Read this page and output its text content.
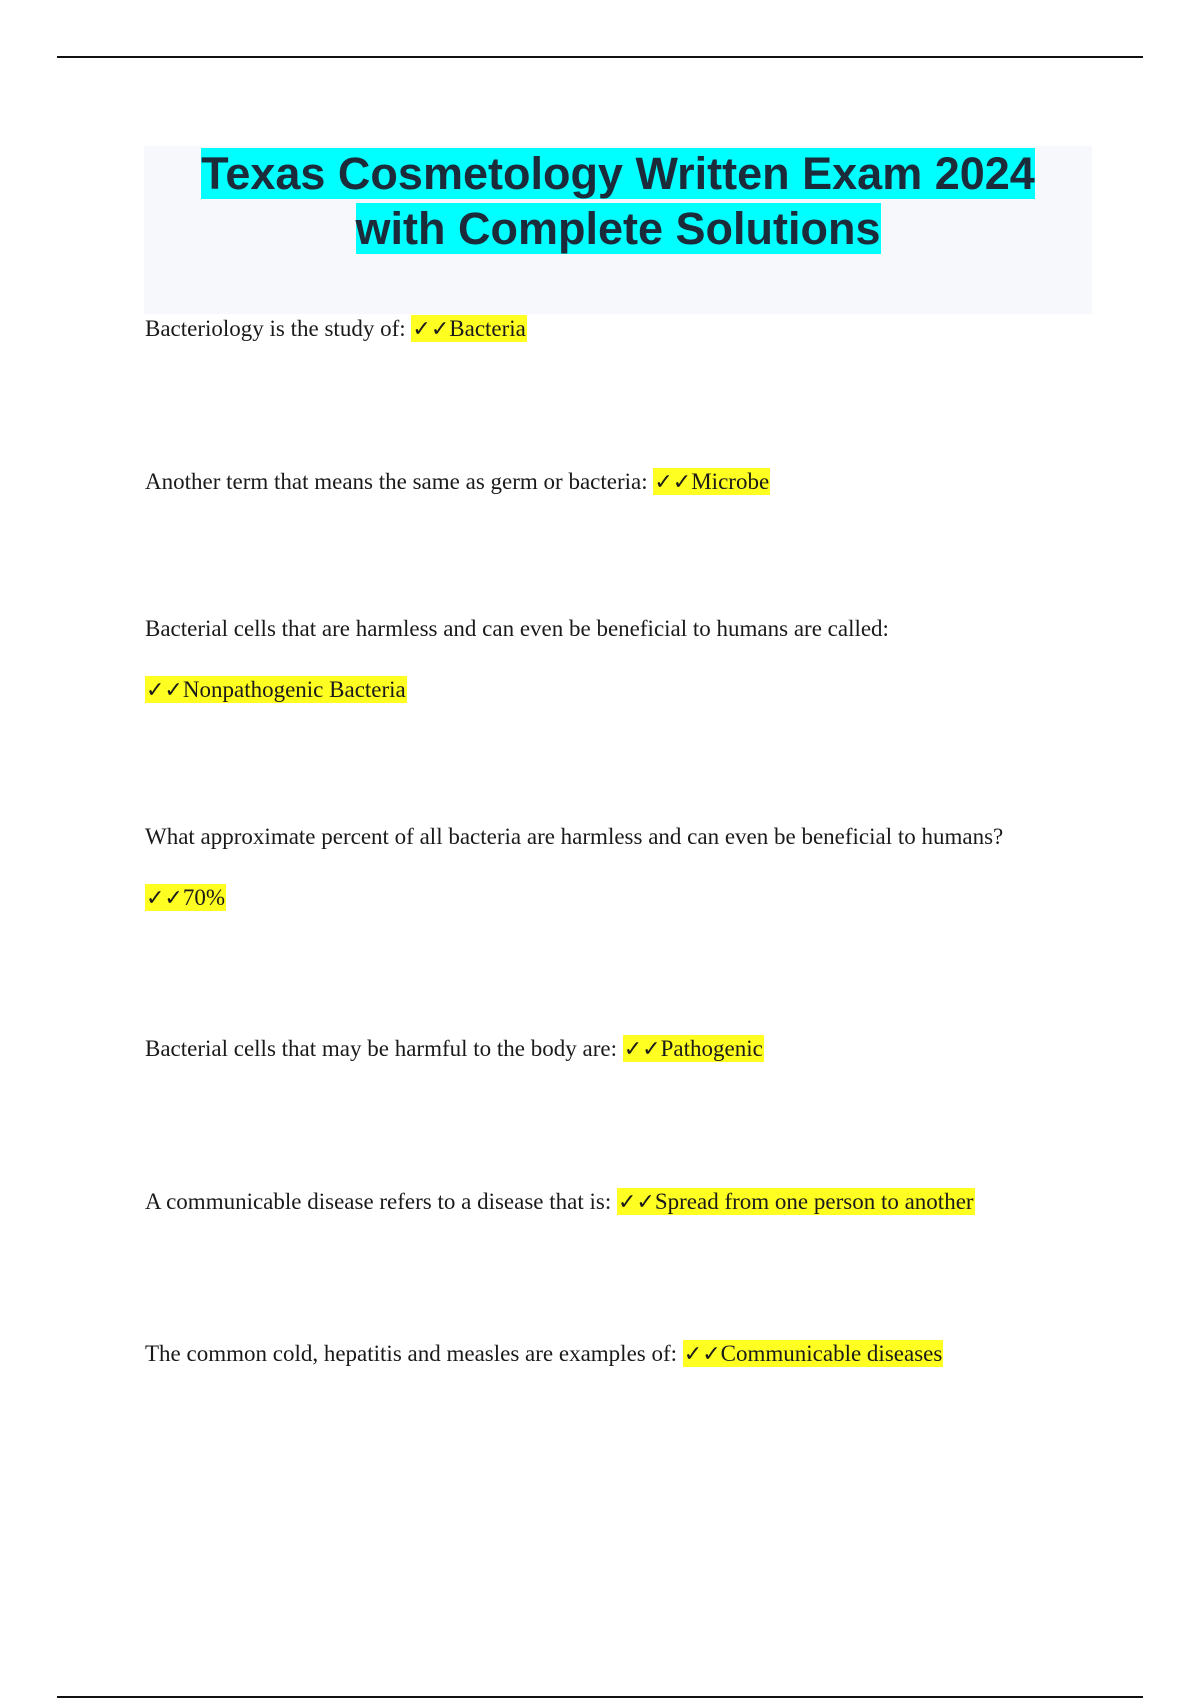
Texas Cosmetology Written Exam 2024

with Complete Solutions

Bacteriology is the study of: ✓✓Bacteria

Another term that means the same as germ or bacteria: ✓✓Microbe

Bacterial cells that are harmless and can even be beneficial to humans are called:

✓✓Nonpathogenic Bacteria

What approximate percent of all bacteria are harmless and can even be beneficial to humans?

✓✓70%

Bacterial cells that may be harmful to the body are: ✓✓Pathogenic

A communicable disease refers to a disease that is: ✓✓Spread from one person to another

The common cold, hepatitis and measles are examples of: ✓✓Communicable diseases
